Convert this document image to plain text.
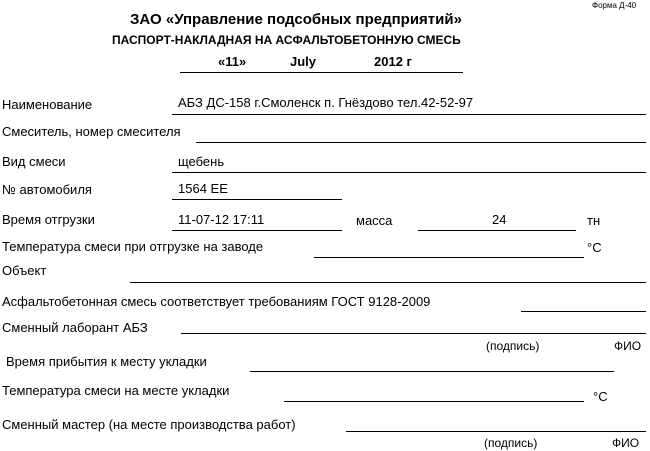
Форма Д-40
ЗАО «Управление подсобных предприятий»
ПАСПОРТ-НАКЛАДНАЯ НА АСФАЛЬТОБЕТОННУЮ СМЕСЬ
«11»	July	2012 г
Наименование	АБЗ ДС-158 г.Смоленск п. Гнёздово тел.42-52-97
Смеситель, номер смесителя
Вид смеси	щебень
№ автомобиля	1564 ЕЕ
Время отгрузки	11-07-12 17:11	масса	24	тн
Температура смеси при отгрузке на заводе	°С
Объект
Асфальтобетонная смесь соответствует требованиям ГОСТ 9128-2009
Сменный лаборант АБЗ
(подпись)	ФИО
Время прибытия к месту укладки
Температура смеси на месте укладки	°С
Сменный мастер (на месте производства работ)
(подпись)	ФИО
